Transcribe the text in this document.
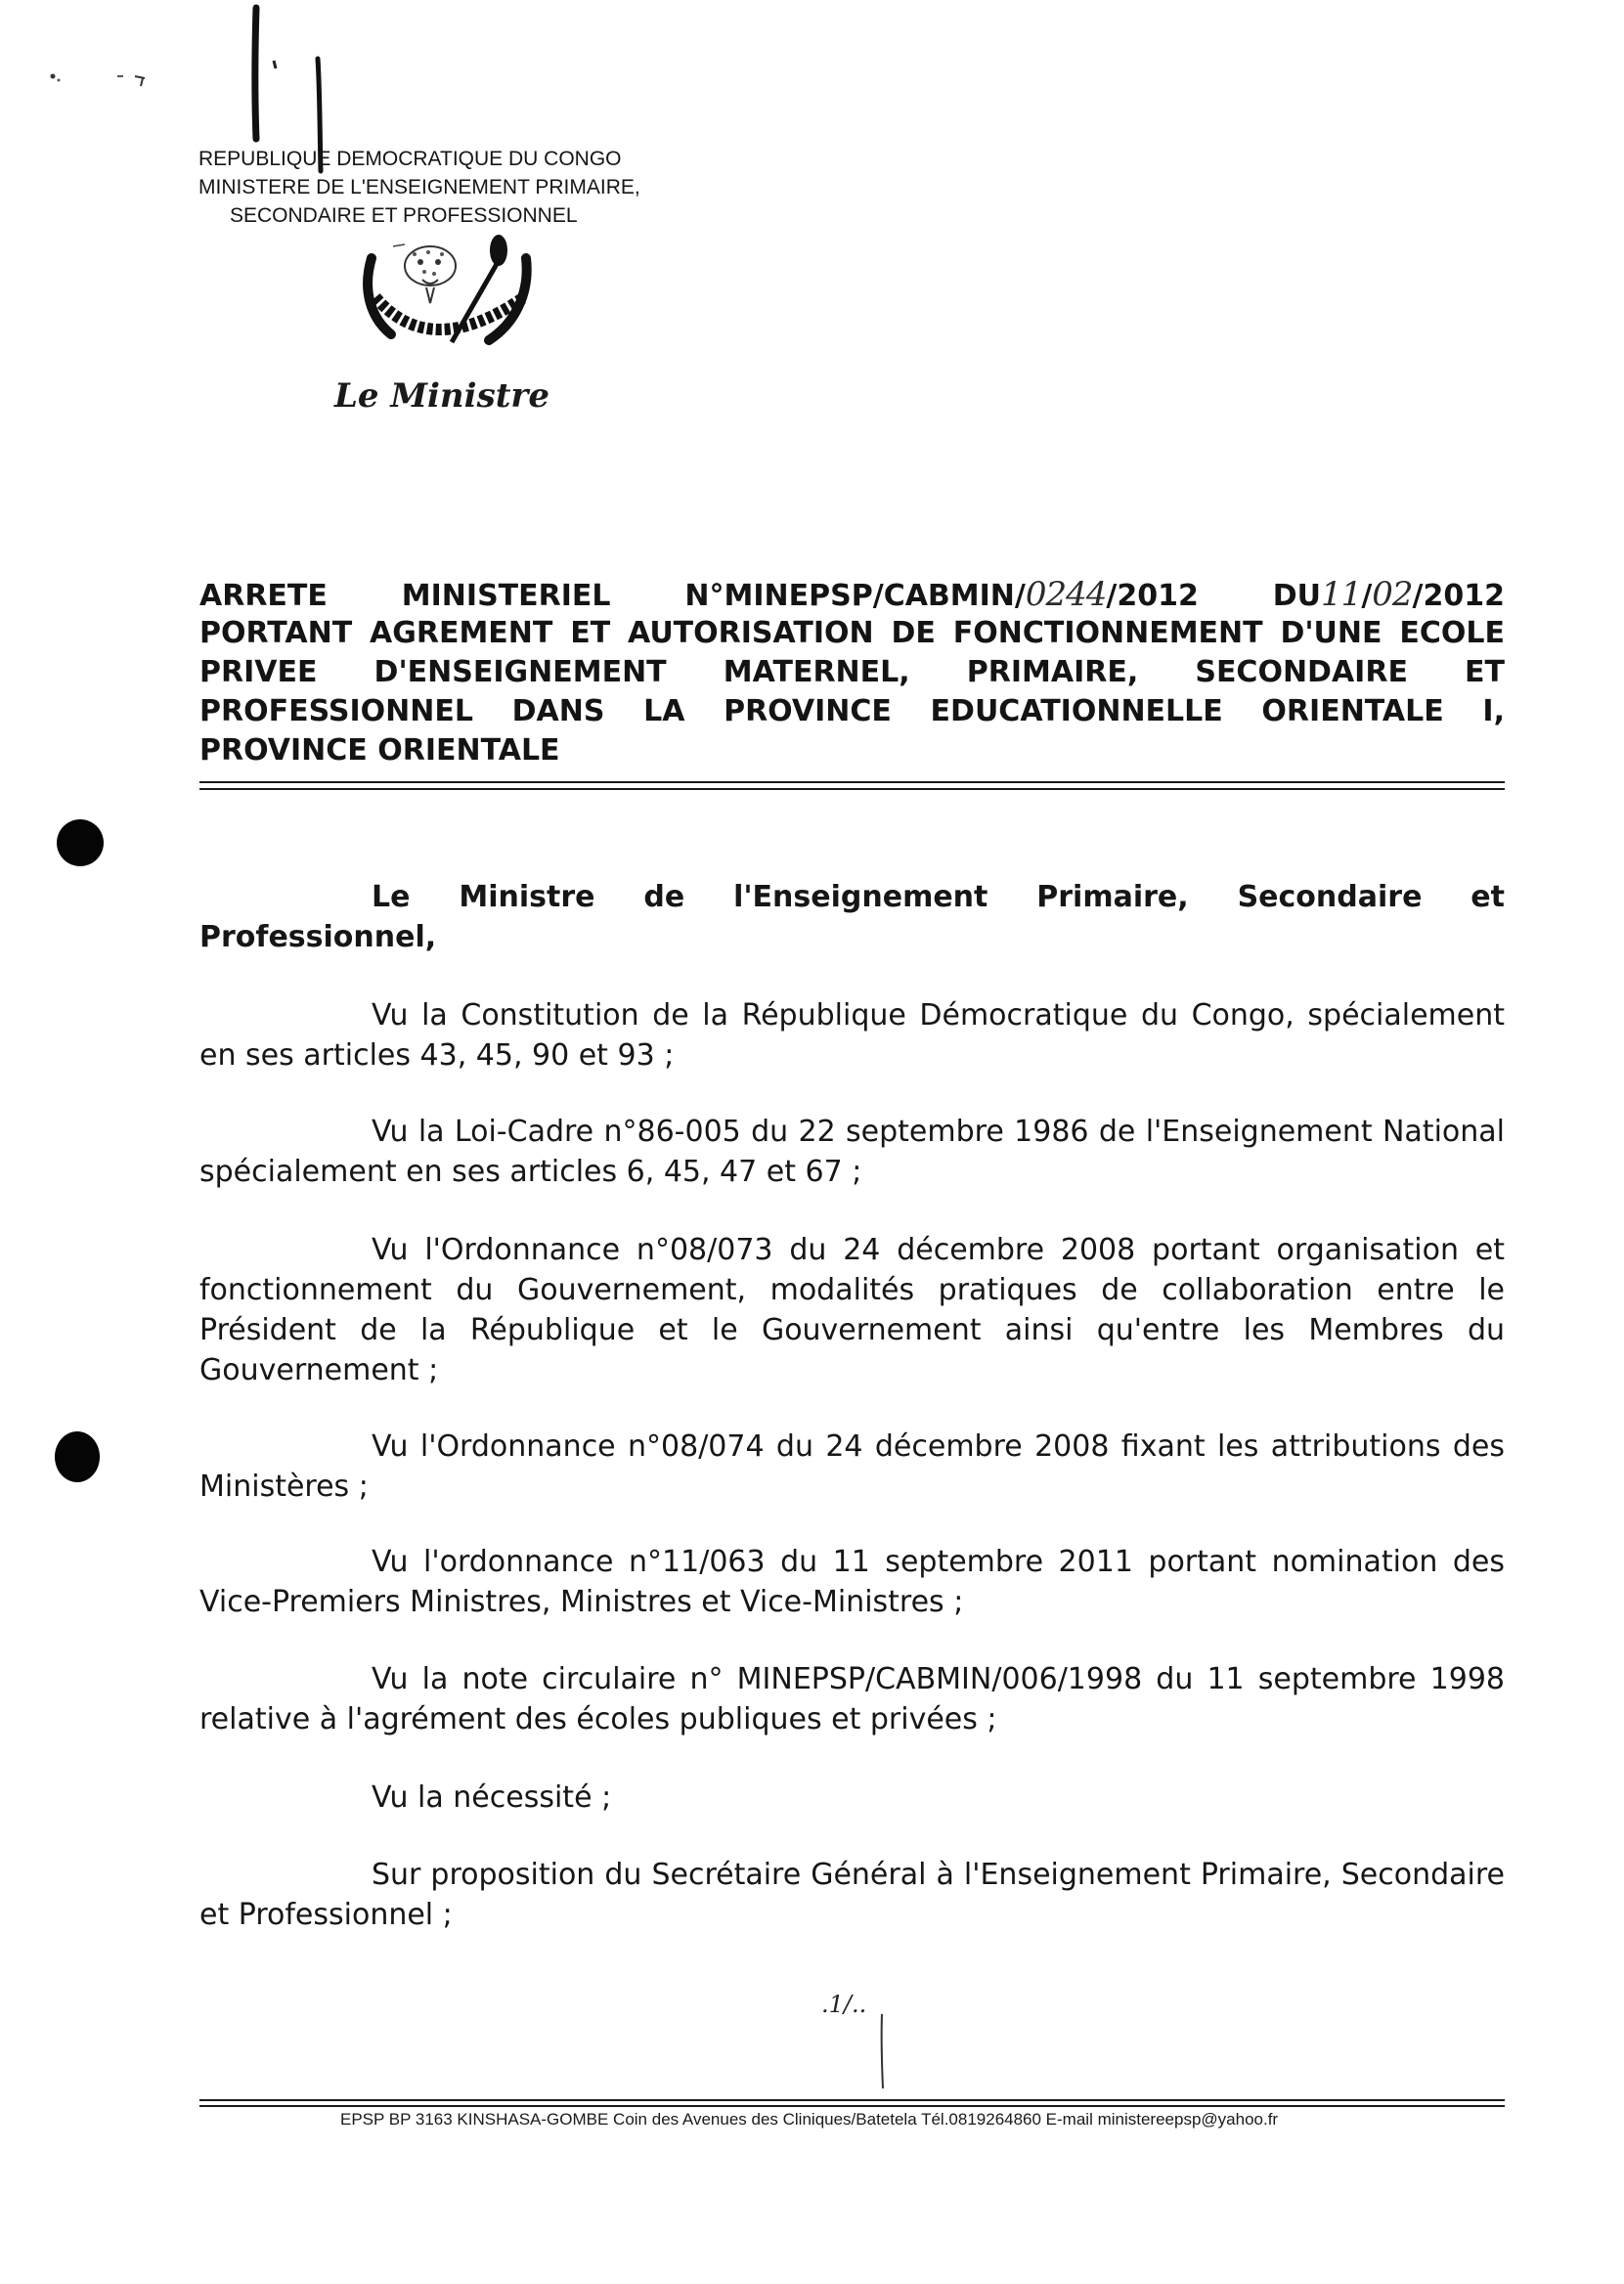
REPUBLIQUE DEMOCRATIQUE DU CONGO
MINISTERE DE L'ENSEIGNEMENT PRIMAIRE,
SECONDAIRE ET PROFESSIONNEL
Le Ministre
ARRETE MINISTERIEL N°MINEPSP/CABMIN/0244/2012 DU11/02/2012
PORTANT AGREMENT ET AUTORISATION DE FONCTIONNEMENT D'UNE ECOLE
PRIVEE D'ENSEIGNEMENT MATERNEL, PRIMAIRE, SECONDAIRE ET
PROFESSIONNEL DANS LA PROVINCE EDUCATIONNELLE ORIENTALE I,
PROVINCE ORIENTALE
Le Ministre de l'Enseignement Primaire, Secondaire et Professionnel,
Vu la Constitution de la République Démocratique du Congo, spécialement en ses articles 43, 45, 90 et 93 ;
Vu la Loi-Cadre n°86-005 du 22 septembre 1986 de l'Enseignement National spécialement en ses articles 6, 45, 47 et 67 ;
Vu l'Ordonnance n°08/073 du 24 décembre 2008 portant organisation et fonctionnement du Gouvernement, modalités pratiques de collaboration entre le Président de la République et le Gouvernement ainsi qu'entre les Membres du Gouvernement ;
Vu l'Ordonnance n°08/074 du 24 décembre 2008 fixant les attributions des Ministères ;
Vu l'ordonnance n°11/063 du 11 septembre 2011 portant nomination des Vice-Premiers Ministres, Ministres et Vice-Ministres ;
Vu la note circulaire n° MINEPSP/CABMIN/006/1998 du 11 septembre 1998 relative à l'agrément des écoles publiques et privées ;
Vu la nécessité ;
Sur proposition du Secrétaire Général à l'Enseignement Primaire, Secondaire et Professionnel ;
.1/..
EPSP BP 3163 KINSHASA-GOMBE Coin des Avenues des Cliniques/Batetela Tél.0819264860 E-mail ministereepsp@yahoo.fr
